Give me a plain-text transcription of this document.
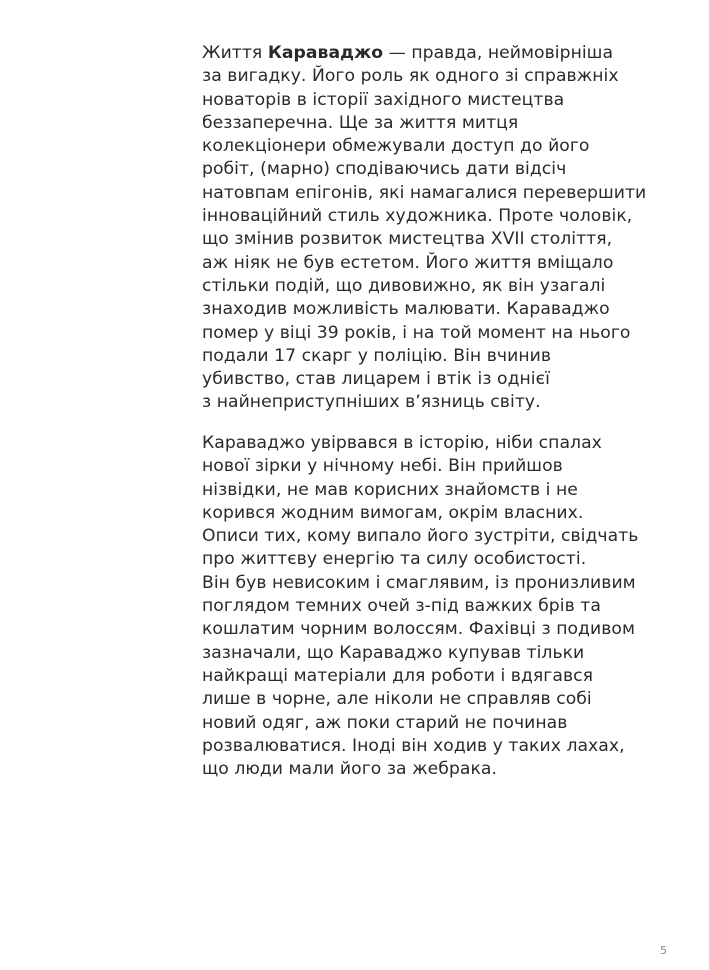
Життя Караваджо — правда, неймовірніша
за вигадку. Його роль як одного зі справжніх
новаторів в історії західного мистецтва
беззаперечна. Ще за життя митця
колекціонери обмежували доступ до його
робіт, (марно) сподіваючись дати відсіч
натовпам епігонів, які намагалися перевершити
інноваційний стиль художника. Проте чоловік,
що змінив розвиток мистецтва XVII століття,
аж ніяк не був естетом. Його життя вміщало
стільки подій, що дивовижно, як він узагалі
знаходив можливість малювати. Караваджо
помер у віці 39 років, і на той момент на нього
подали 17 скарг у поліцію. Він вчинив
убивство, став лицарем і втік із однієї
з найнеприступніших в’язниць світу.
Караваджо увірвався в історію, ніби спалах
нової зірки у нічному небі. Він прийшов
нізвідки, не мав корисних знайомств і не
корився жодним вимогам, окрім власних.
Описи тих, кому випало його зустріти, свідчать
про життєву енергію та силу особистості.
Він був невисоким і смаглявим, із пронизливим
поглядом темних очей з-під важких брів та
кошлатим чорним волоссям. Фахівці з подивом
зазначали, що Караваджо купував тільки
найкращі матеріали для роботи і вдягався
лише в чорне, але ніколи не справляв собі
новий одяг, аж поки старий не починав
розвалюватися. Іноді він ходив у таких лахах,
що люди мали його за жебрака.
5
